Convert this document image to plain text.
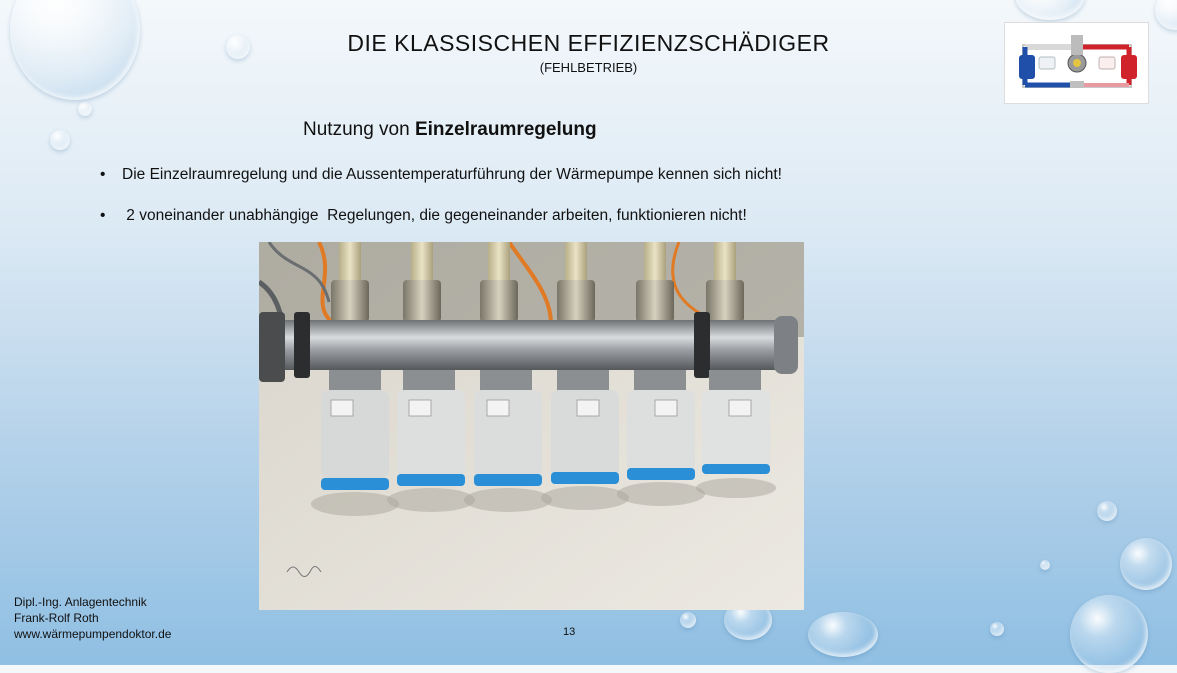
DIE KLASSISCHEN EFFIZIENZSCHÄDIGER
(FEHLBETRIEB)
Nutzung von Einzelraumregelung
• Die Einzelraumregelung und die Aussentemperaturführung der Wärmepumpe kennen sich nicht!
• 2 voneinander unabhängige  Regelungen, die gegeneinander arbeiten, funktionieren nicht!
Dipl.-Ing. Anlagentechnik
Frank-Rolf Roth
www.wärmepumpendoktor.de	13
